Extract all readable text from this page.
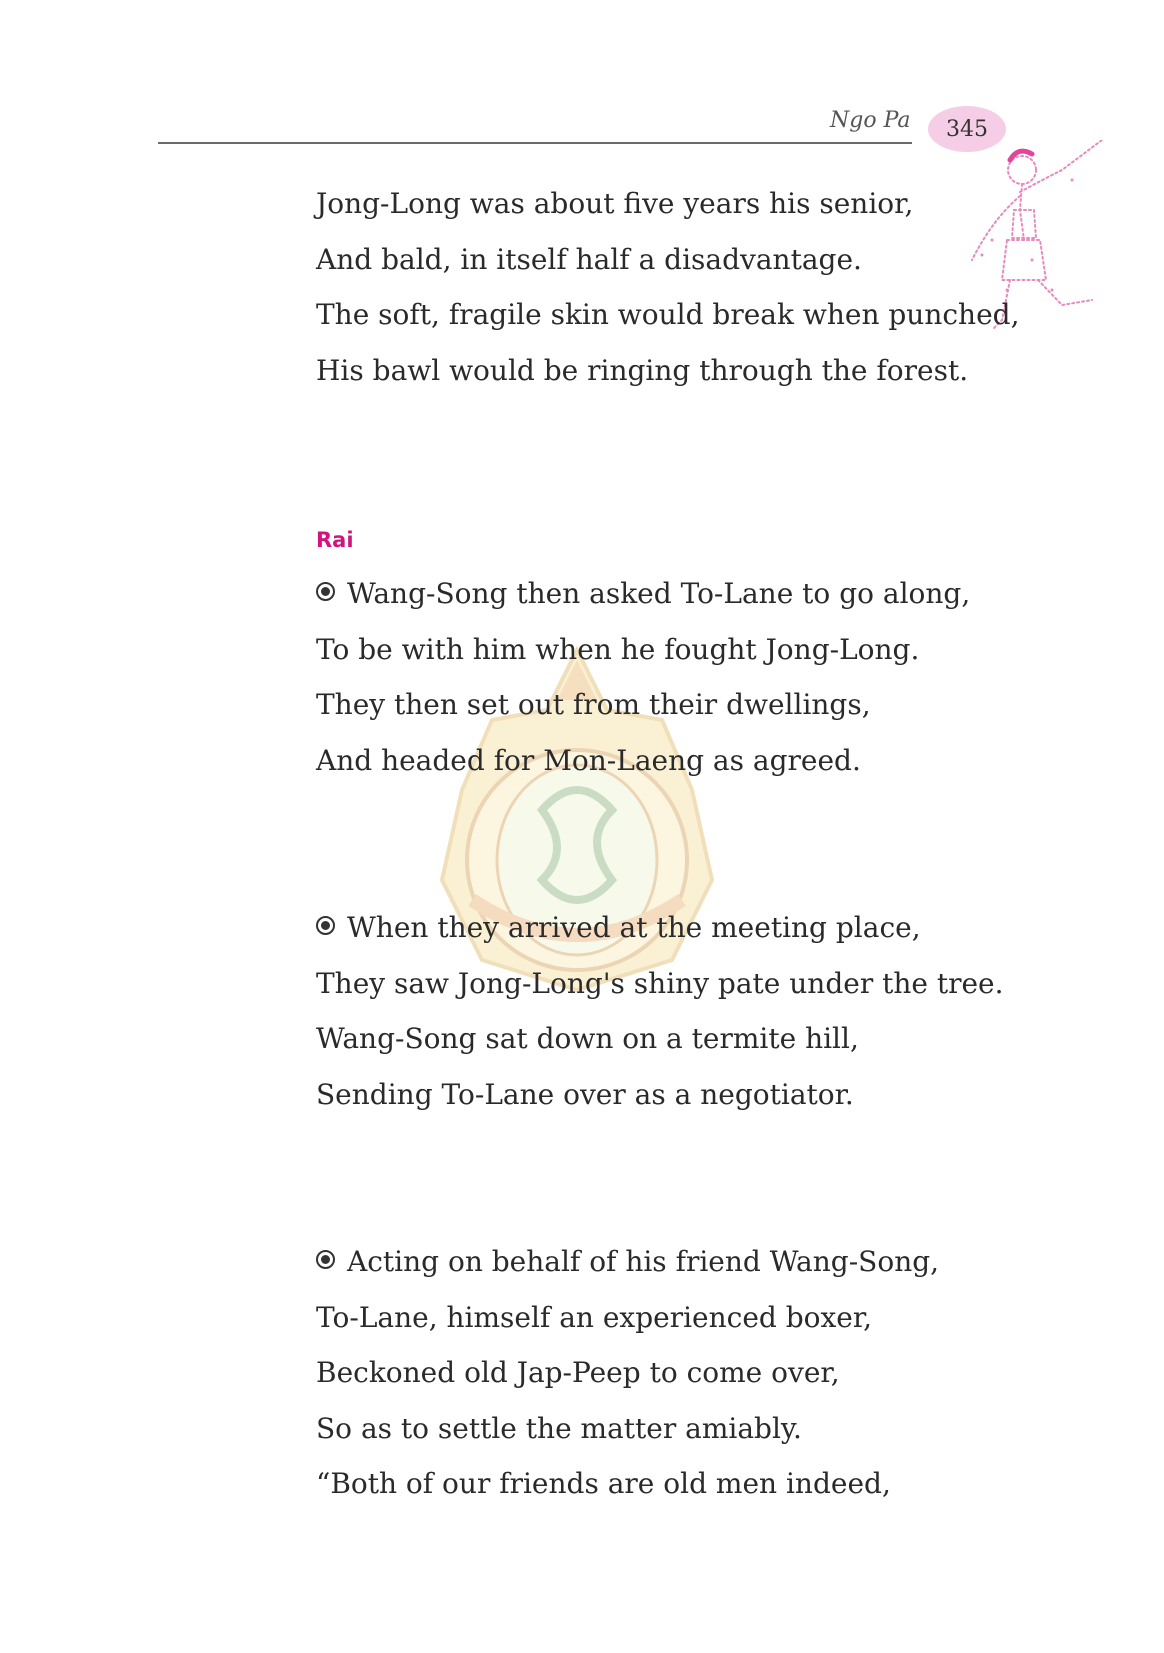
Ngo Pa	345
Jong-Long was about five years his senior,
And bald, in itself half a disadvantage.
The soft, fragile skin would break when punched,
His bawl would be ringing through the forest.
Rai
Wang-Song then asked To-Lane to go along,
To be with him when he fought Jong-Long.
They then set out from their dwellings,
And headed for Mon-Laeng as agreed.
When they arrived at the meeting place,
They saw Jong-Long's shiny pate under the tree.
Wang-Song sat down on a termite hill,
Sending To-Lane over as a negotiator.
Acting on behalf of his friend Wang-Song,
To-Lane, himself an experienced boxer,
Beckoned old Jap-Peep to come over,
So as to settle the matter amiably.
“Both of our friends are old men indeed,
